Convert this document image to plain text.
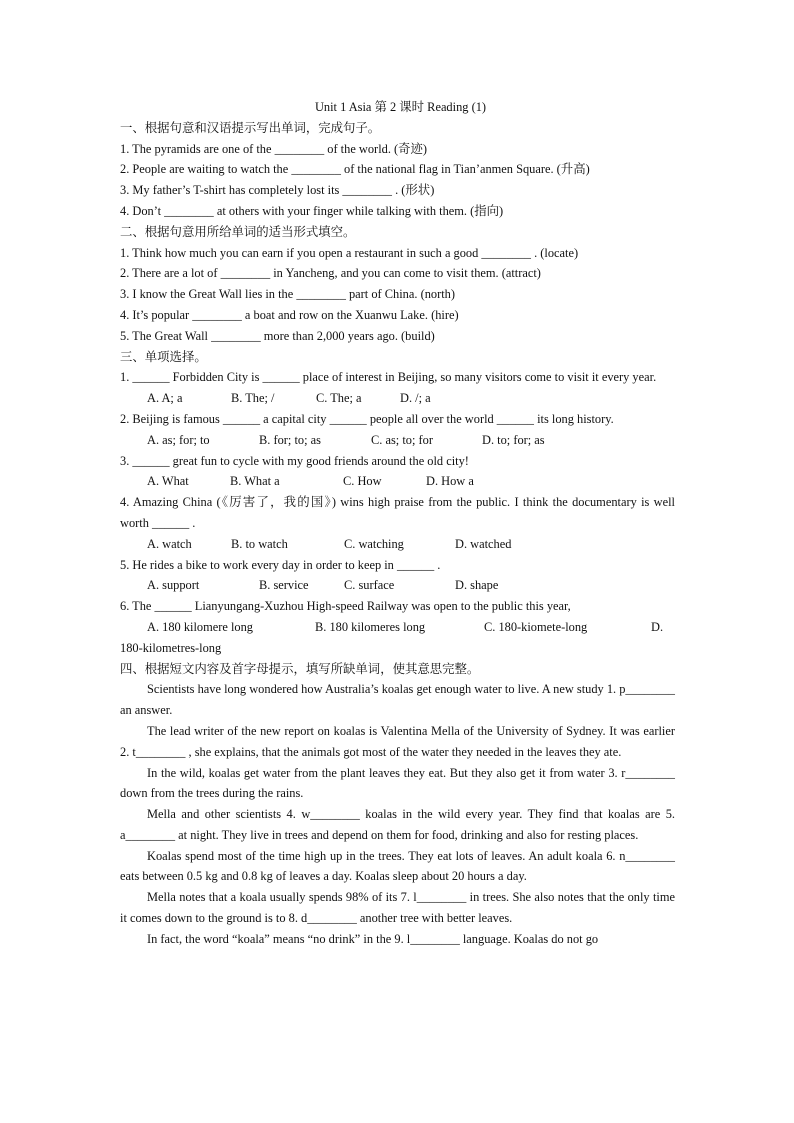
Unit 1 Asia 第 2 课时 Reading (1)
一、根据句意和汉语提示写出单词，完成句子。
1. The pyramids are one of the ________ of the world. (奇迹)
2. People are waiting to watch the ________ of the national flag in Tian’anmen Square. (升高)
3. My father’s T-shirt has completely lost its ________ . (形状)
4. Don’t ________ at others with your finger while talking with them. (指向)
二、根据句意用所给单词的适当形式填空。
1. Think how much you can earn if you open a restaurant in such a good ________ . (locate)
2. There are a lot of ________ in Yancheng, and you can come to visit them. (attract)
3. I know the Great Wall lies in the ________ part of China. (north)
4. It’s popular ________ a boat and row on the Xuanwu Lake. (hire)
5. The Great Wall ________ more than 2,000 years ago. (build)
三、单项选择。
1. ______ Forbidden City is ______ place of interest in Beijing, so many visitors come to visit it every year.
A. A; a	B. The; /	C. The; a	D. /; a
2. Beijing is famous ______ a capital city ______ people all over the world ______ its long history.
A. as; for; to	B. for; to; as	C. as; to; for	D. to; for; as
3. ______ great fun to cycle with my good friends around the old city!
A. What	B. What a	C. How	D. How a
4. Amazing China (《厉害了，我的国》) wins high praise from the public. I think the documentary is well worth ______ .
A. watch	B. to watch	C. watching	D. watched
5. He rides a bike to work every day in order to keep in ______ .
A. support	B. service	C. surface	D. shape
6. The ______ Lianyungang-Xuzhou High-speed Railway was open to the public this year,
A. 180 kilomere long	B. 180 kilomeres long	C. 180-kiomete-long	D.
180-kilometres-long
四、根据短文内容及首字母提示，填写所缺单词，使其意思完整。
Scientists have long wondered how Australia’s koalas get enough water to live. A new study 1. p________ an answer.
The lead writer of the new report on koalas is Valentina Mella of the University of Sydney. It was earlier 2. t________ , she explains, that the animals got most of the water they needed in the leaves they ate.
In the wild, koalas get water from the plant leaves they eat. But they also get it from water 3. r________ down from the trees during the rains.
Mella and other scientists 4. w________ koalas in the wild every year. They find that koalas are 5. a________ at night. They live in trees and depend on them for food, drinking and also for resting places.
Koalas spend most of the time high up in the trees. They eat lots of leaves. An adult koala 6. n________ eats between 0.5 kg and 0.8 kg of leaves a day. Koalas sleep about 20 hours a day.
Mella notes that a koala usually spends 98% of its 7. l________ in trees. She also notes that the only time it comes down to the ground is to 8. d________ another tree with better leaves.
In fact, the word “koala” means “no drink” in the 9. l________ language. Koalas do not go
